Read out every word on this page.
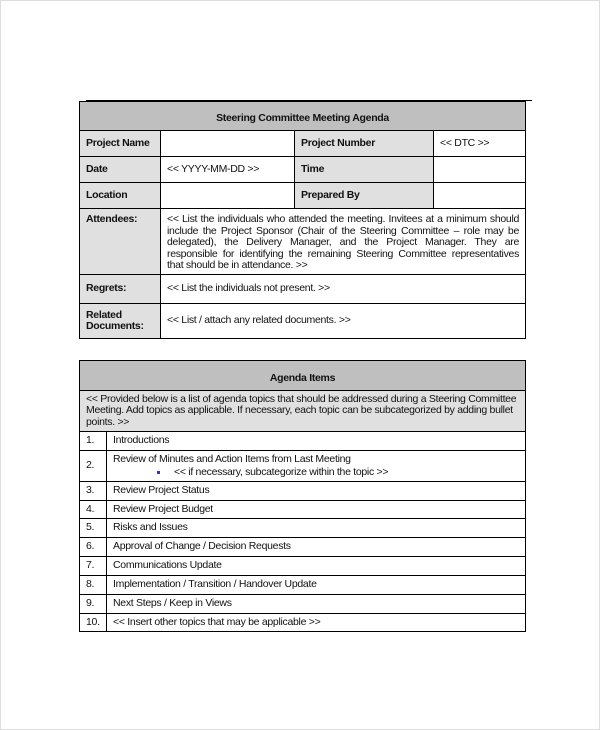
Steering Committee Meeting Agenda			
Project Name		Project Number	<< DTC >>
Date	<< YYYY-MM-DD >>	Time	
Location		Prepared By	
Attendees:	<< List the individuals who attended the meeting. Invitees at a minimum should include the Project Sponsor (Chair of the Steering Committee – role may be delegated), the Delivery Manager, and the Project Manager. They are responsible for identifying the remaining Steering Committee representatives that should be in attendance. >>		
Regrets:	<< List the individuals not present. >>		
Related Documents:	<< List / attach any related documents. >>		
Agenda Items	
<< Provided below is a list of agenda topics that should be addressed during a Steering Committee Meeting. Add topics as applicable. If necessary, each topic can be subcategorized by adding bullet points. >>	
1.	Introductions

2.	Review of Minutes and Action Items from Last Meeting
<< if necessary, subcategorize within the topic >>

3.	Review Project Status

4.	Review Project Budget

5.	Risks and Issues

6.	Approval of Change / Decision Requests

7.	Communications Update

8.	Implementation / Transition / Handover Update

9.	Next Steps / Keep in Views

10.	<< Insert other topics that may be applicable >>
